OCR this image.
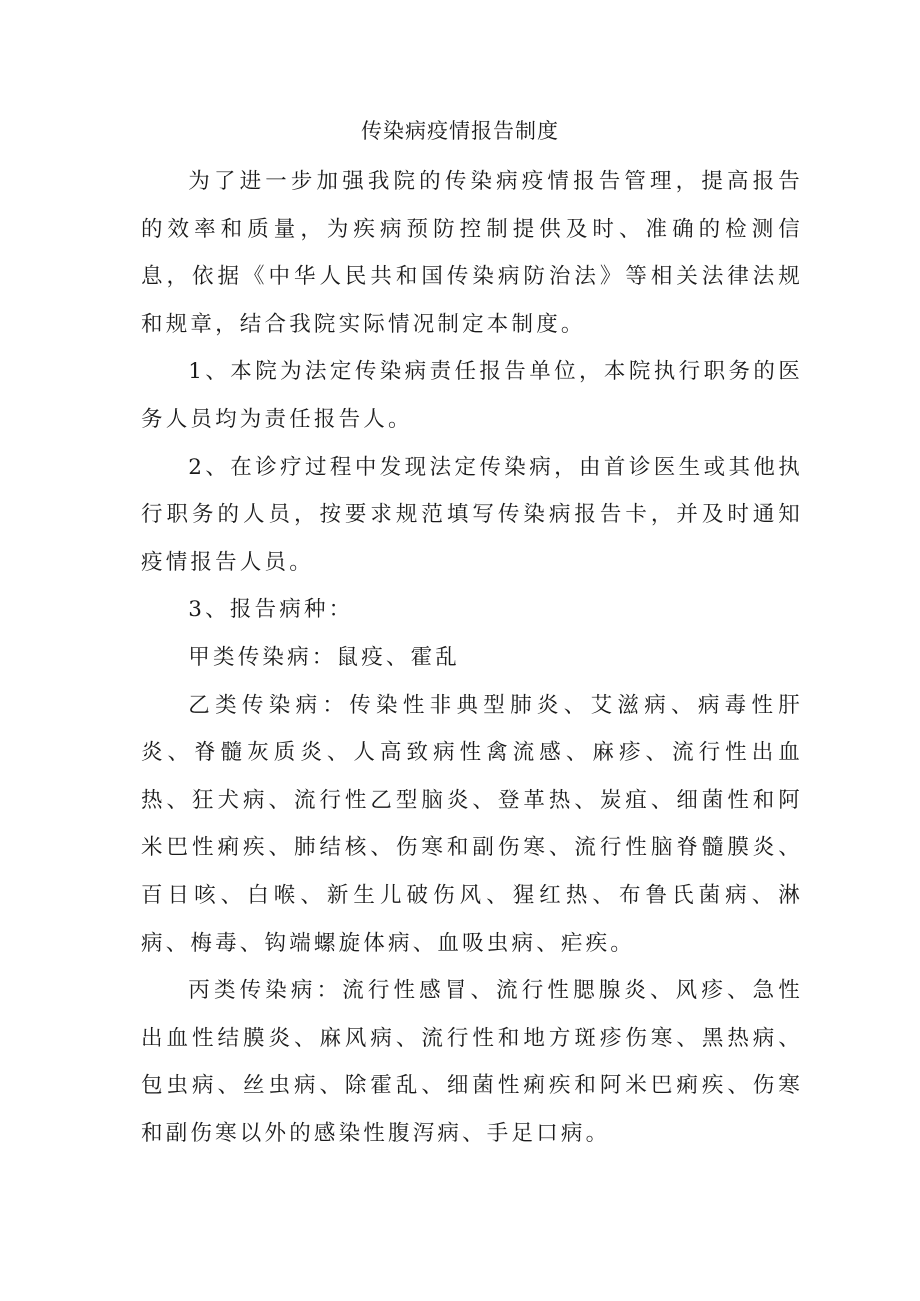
传染病疫情报告制度

为了进一步加强我院的传染病疫情报告管理，提高报告的效率和质量，为疾病预防控制提供及时、准确的检测信息，依据《中华人民共和国传染病防治法》等相关法律法规和规章，结合我院实际情况制定本制度。

1、本院为法定传染病责任报告单位，本院执行职务的医务人员均为责任报告人。

2、在诊疗过程中发现法定传染病，由首诊医生或其他执行职务的人员，按要求规范填写传染病报告卡，并及时通知疫情报告人员。

3、报告病种：

甲类传染病：鼠疫、霍乱

乙类传染病：传染性非典型肺炎、艾滋病、病毒性肝炎、脊髓灰质炎、人高致病性禽流感、麻疹、流行性出血热、狂犬病、流行性乙型脑炎、登革热、炭疽、细菌性和阿米巴性痢疾、肺结核、伤寒和副伤寒、流行性脑脊髓膜炎、百日咳、白喉、新生儿破伤风、猩红热、布鲁氏菌病、淋病、梅毒、钩端螺旋体病、血吸虫病、疟疾。

丙类传染病：流行性感冒、流行性腮腺炎、风疹、急性出血性结膜炎、麻风病、流行性和地方斑疹伤寒、黑热病、包虫病、丝虫病、除霍乱、细菌性痢疾和阿米巴痢疾、伤寒和副伤寒以外的感染性腹泻病、手足口病。
